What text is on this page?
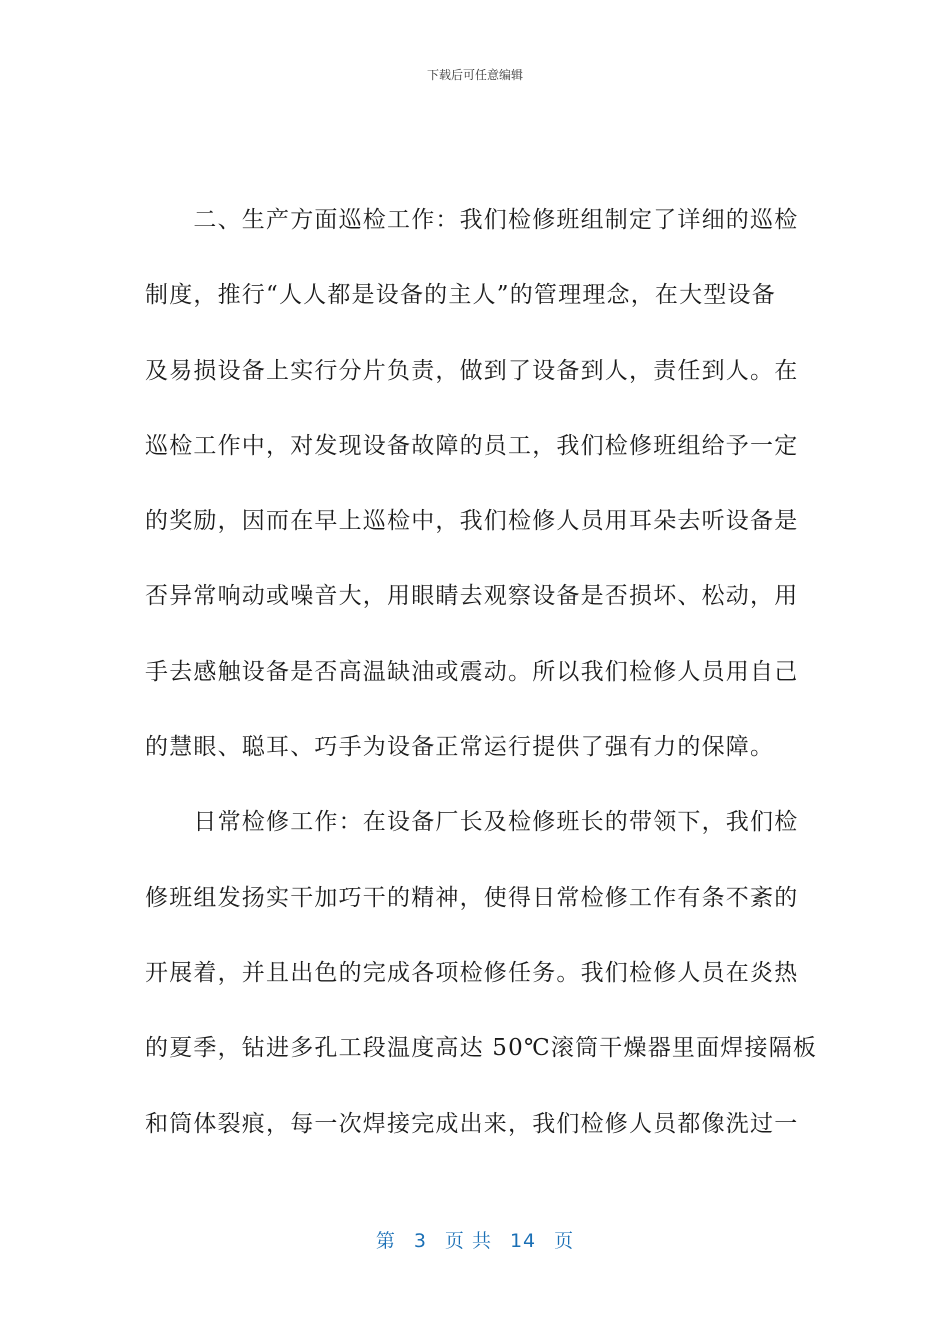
下载后可任意编辑
　　二、生产方面巡检工作：我们检修班组制定了详细的巡检
制度，推行“人人都是设备的主人”的管理理念，在大型设备
及易损设备上实行分片负责，做到了设备到人，责任到人。在
巡检工作中，对发现设备故障的员工，我们检修班组给予一定
的奖励，因而在早上巡检中，我们检修人员用耳朵去听设备是
否异常响动或噪音大，用眼睛去观察设备是否损坏、松动，用
手去感触设备是否高温缺油或震动。所以我们检修人员用自己
的慧眼、聪耳、巧手为设备正常运行提供了强有力的保障。
　　日常检修工作：在设备厂长及检修班长的带领下，我们检
修班组发扬实干加巧干的精神，使得日常检修工作有条不紊的
开展着，并且出色的完成各项检修任务。我们检修人员在炎热
的夏季，钻进多孔工段温度高达 50℃滚筒干燥器里面焊接隔板
和筒体裂痕，每一次焊接完成出来，我们检修人员都像洗过一
第 3 页 共 14 页
